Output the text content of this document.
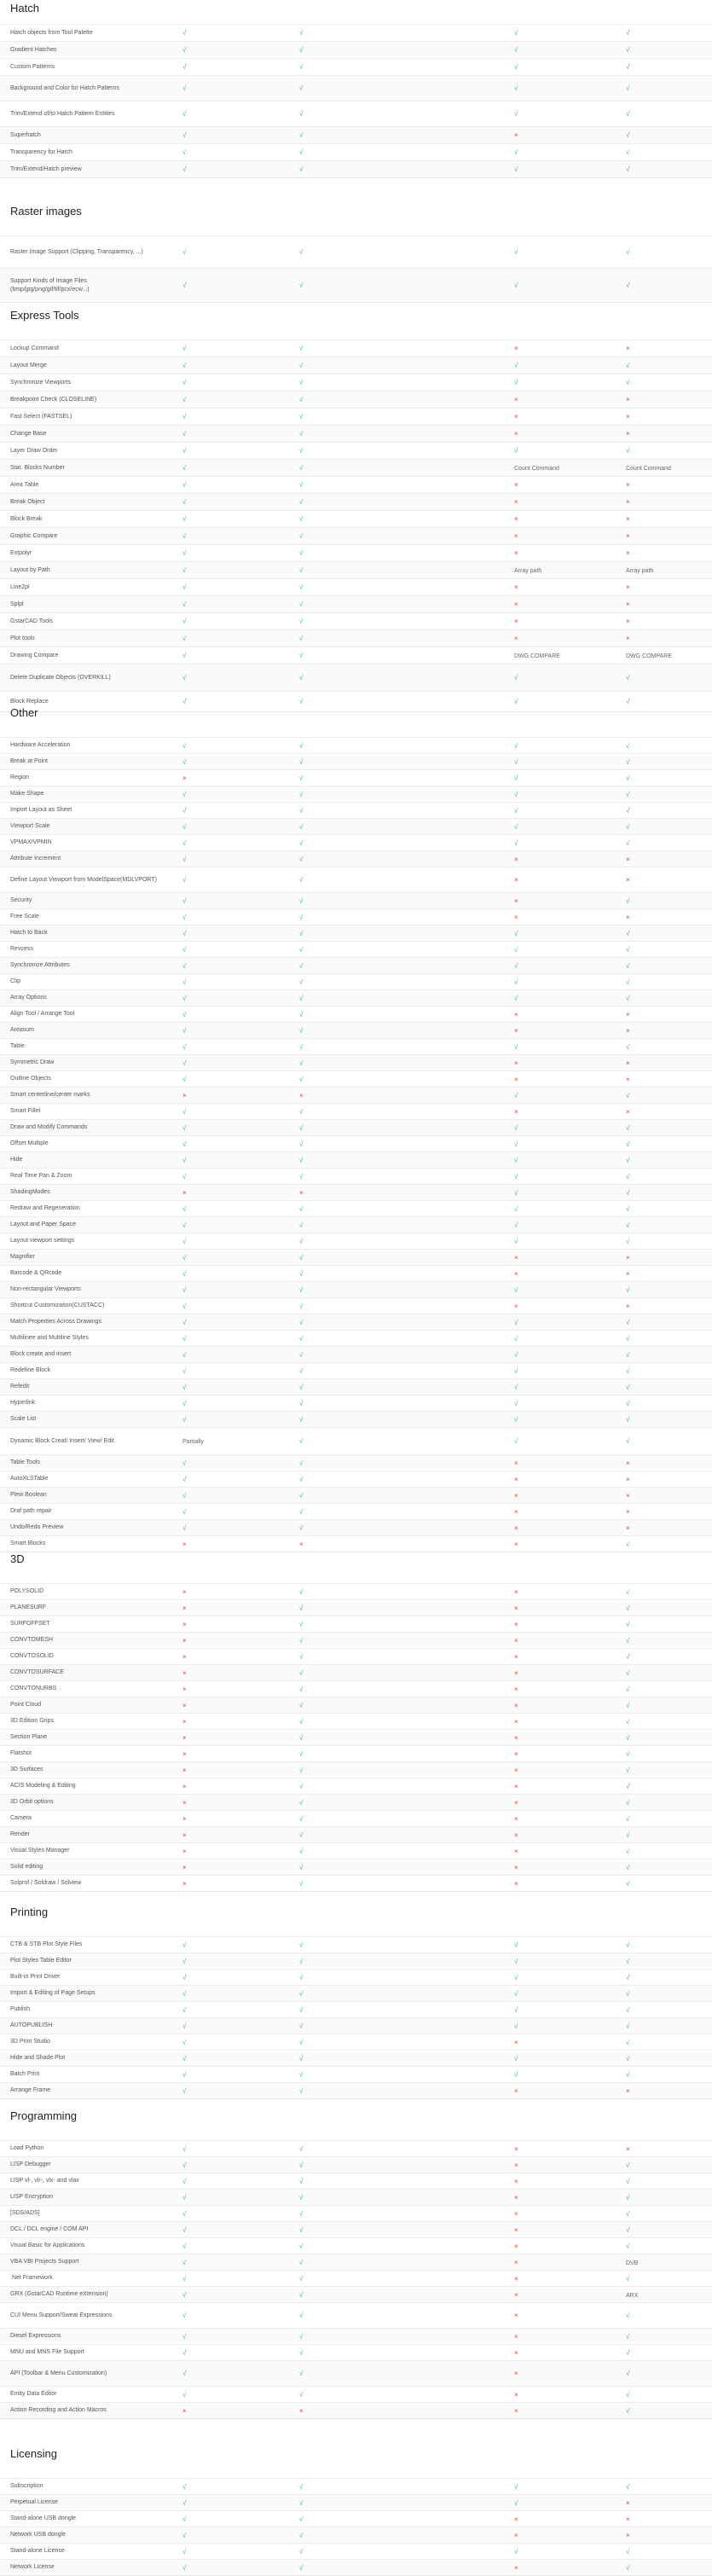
Hatch
Hatch objects from Tool Palette	√	√	√	√
Gradient Hatches	√	√	√	√
Custom Patterns	√	√	√	√
Background and Color for Hatch Patterns	√	√	√	√
Trim/Extend of/to Hatch Pattern Entities	√	√	√	√
Superhatch	√	√	×	√
Transparency for Hatch	√	√	√	√
Trim/Extend/Hatch preview	√	√	√	√
Raster images
Raster Image Support (Clipping, Transparency, ...)	√	√	√	√
Support Kinds of Image Files (bmp/jpg/png/gif/tif/pcx/ecw...)	√	√	√	√
Express Tools
Lockup Command	√	√	×	×
Layout Merge	√	√	√	√
Synchronize Viewports	√	√	√	√
Breakpoint Check (CLOSELINE)	√	√	×	×
Fast Select (FASTSEL)	√	√	×	×
Change Base	√	√	×	×
Layer Draw Order	√	√	√	√
Stat. Blocks Number	√	√	Count Command	Count Command
Area Table	√	√	×	×
Break Object	√	√	×	×
Block Break	√	√	×	×
Graphic Compare	√	√	×	×
Extpolyr	√	√	×	×
Layout by Path	√	√	Array path	Array path
Line2pl	√	√	×	×
Splpl	√	√	×	×
GstarCAD Tools	√	√	×	×
Plot tools	√	√	×	×
Drawing Compare	√	√	DWG COMPARE	DWG COMPARE
Delete Duplicate Objects (OVERKILL)	√	√	√	√
Block Replace	√	√	√	√
Other
Hardware Acceleration	√	√	√	√
Break at Point	√	√	√	√
Region	×	√	√	√
Make Shape	√	√	√	√
Import Layout as Sheet	√	√	√	√
Viewport Scale	√	√	√	√
VPMAX/VPMIN	√	√	√	√
Attribute Increment	√	√	×	×
Define Layout Viewport from ModelSpace(MDLVPORT)	√	√	×	×
Security	√	√	×	√
Free Scale	√	√	×	×
Hatch to Back	√	√	√	√
Revcess	√	√	√	√
Synchronize Attributes	√	√	√	√
Clip	√	√	√	√
Array Options	√	√	√	√
Align Tool / Arrange Tool	√	√	×	×
Areasum	√	√	×	×
Table	√	√	√	√
Symmetric Draw	√	√	×	×
Outline Objects	√	√	×	×
Smart centerline/center marks	×	×	√	√
Smart Fillet	√	√	×	×
Draw and Modify Commands	√	√	√	√
Offset Multiple	√	√	√	√
Hide	√	√	√	√
Real Time Pan & Zoom	√	√	√	√
ShadingModes	×	×	√	√
Redraw and Regeneration	√	√	√	√
Layout and Paper Space	√	√	√	√
Layout viewport settings	√	√	√	√
Magnifier	√	√	×	×
Barcode & QRcode	√	√	×	×
Non-rectangular Viewports	√	√	√	√
Shortcut Customization(CUSTACC)	√	√	×	×
Match Properties Across Drawings	√	√	√	√
Multilinee and Multiline Styles	√	√	√	√
Block create and insert	√	√	√	√
Redefine Block	√	√	√	√
Refedit	√	√	√	√
Hyperlink	√	√	√	√
Scale List	√	√	√	√
Dynamic Block Creat/ Insert/ View/ Edit	Partially	√	√	√
Table Tools	√	√	×	×
AutoXLSTable	√	√	×	×
Plew Boolean	√	√	×	×
Draf path repair	√	√	×	×
Undo/Redo Preview	√	√	×	×
Smart Blocks	×	×	×	√
3D
POLYSOLID	×	√	×	√
PLANESURF	×	√	×	√
SURFOFFSET	×	√	×	√
CONVTOMESH	×	√	×	√
CONVTOSOLID	×	√	×	√
CONVTOSURFACE	×	√	×	√
CONVTONURBS	×	√	×	√
Point Cloud	×	√	×	√
3D Edition Grips	×	√	×	√
Section Plane	×	√	×	√
Flatshot	×	√	×	√
3D Surfaces	×	√	×	√
ACIS Modeling & Editing	×	√	×	√
3D Orbit options	×	√	×	√
Camera	×	√	×	√
Render	×	√	×	√
Visual Styles Manager	×	√	×	√
Solid editing	×	√	×	√
Solprof / Soldraw / Solview	×	√	×	√
Printing
CTB & STB Plot Style Files	√	√	√	√
Plot Styles Table Editor	√	√	√	√
Built-in Print Driver	√	√	√	√
Import & Editing of Page Setups	√	√	√	√
Publish	√	√	√	√
AUTOPUBLISH	√	√	√	√
3D Print Studio	√	√	×	√
Hide and Shade Plot	√	√	√	√
Batch Print	√	√	√	√
Arrange Frame	√	√	×	×
Programming
Load Python	√	√	×	×
LISP Debugger	√	√	×	√
LISP vl-, vlr-, vlx- and vlax	√	√	×	√
LISP Encryption	√	√	×	√
[SDS/ADS]	√	√	×	√
DCL / DCL engine / COM API	√	√	×	√
Visual Basic for Applications	√	√	×	√
VBA VBI Projects Support	√	√	×	DVB
.Net Framework	√	√	×	√
GRX (GstarCAD Runtime eXtension)	√	√	×	ARX
CUI Menu Support/Sweat Expressions	√	√	×	√
Diesel Expressions	√	√	×	√
MNU and MNS File Support	√	√	×	√
API (Toolbar & Menu Customization)	√	√	×	√
Entity Data Editor	√	√	×	√
Action Recording and Action Macros	×	×	×	√
Licensing
Subscription	√	√	√	√
Perpetual License	√	√	√	×
Stand-alone USB dongle	√	√	×	×
Network USB dongle	√	√	×	×
Stand-alone License	√	√	√	√
Network License	√	√	×	√
